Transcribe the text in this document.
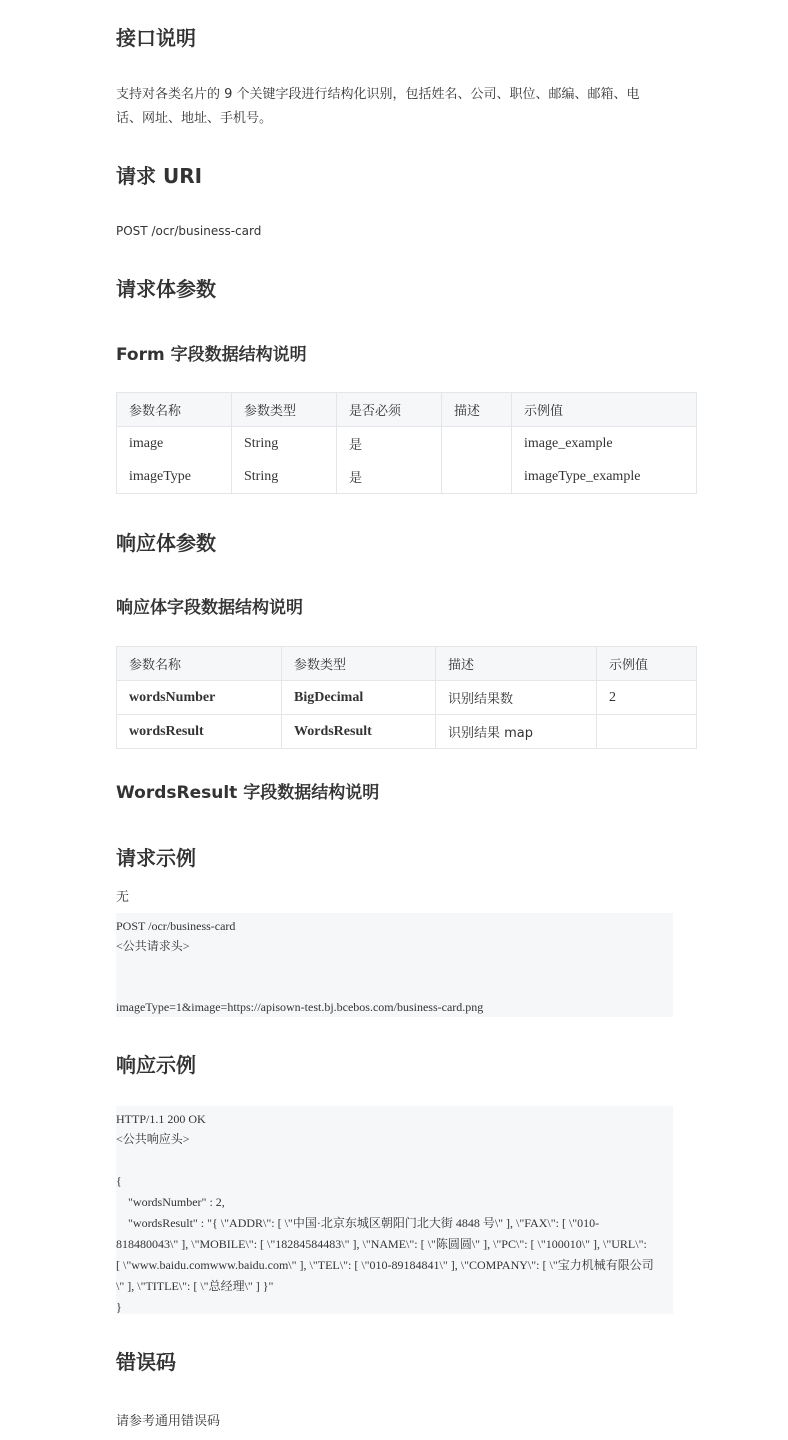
接口说明
支持对各类名片的 9 个关键字段进行结构化识别，包括姓名、公司、职位、邮编、邮箱、电
话、网址、地址、手机号。
请求 URI

POST /ocr/business-card

请求体参数
Form 字段数据结构说明
参数名称	参数类型	是否必须	描述	示例值
image	String	是		image_example
imageType	String	是		imageType_example
响应体参数
响应体字段数据结构说明
参数名称	参数类型	描述	示例值
wordsNumber	BigDecimal	识别结果数	2
wordsResult	WordsResult	识别结果 map	
WordsResult 字段数据结构说明
请求示例

无

POST /ocr/business-card
<公共请求头>
imageType=1&image=https://apisown-test.bj.bcebos.com/business-card.png
响应示例
HTTP/1.1 200 OK
<公共响应头>
{
"wordsNumber" : 2,
"wordsResult" : "{ \"ADDR\": [ \"中国·北京东城区朝阳门北大街 4848 号\" ], \"FAX\": [ \"010-
818480043\" ], \"MOBILE\": [ \"18284584483\" ], \"NAME\": [ \"陈圆圆\" ], \"PC\": [ \"100010\" ], \"URL\":
[ \"www.baidu.comwww.baidu.com\" ], \"TEL\": [ \"010-89184841\" ], \"COMPANY\": [ \"宝力机械有限公司
\" ], \"TITLE\": [ \"总经理\" ] }"
}
错误码

请参考通用错误码
